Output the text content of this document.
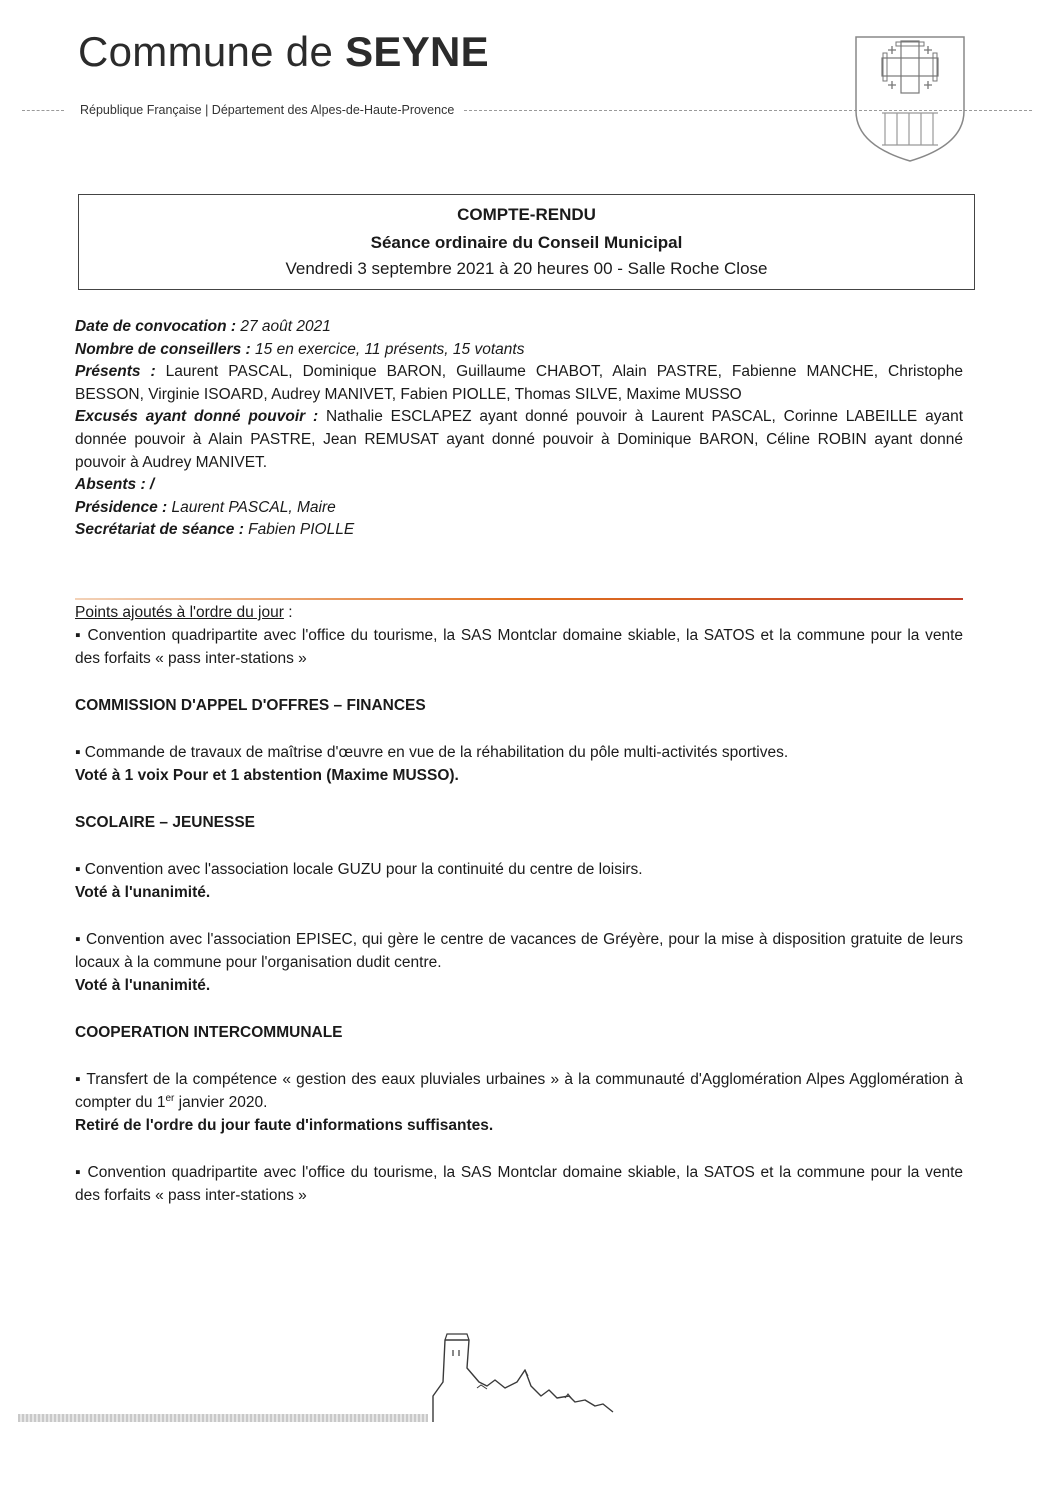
Commune de SEYNE
République Française | Département des Alpes-de-Haute-Provence
COMPTE-RENDU
Séance ordinaire du Conseil Municipal
Vendredi 3 septembre 2021 à 20 heures 00 - Salle Roche Close
Date de convocation : 27 août 2021
Nombre de conseillers : 15 en exercice, 11 présents, 15 votants
Présents : Laurent PASCAL, Dominique BARON, Guillaume CHABOT, Alain PASTRE, Fabienne MANCHE, Christophe BESSON, Virginie ISOARD, Audrey MANIVET, Fabien PIOLLE, Thomas SILVE, Maxime MUSSO
Excusés ayant donné pouvoir : Nathalie ESCLAPEZ ayant donné pouvoir à Laurent PASCAL, Corinne LABEILLE ayant donnée pouvoir à Alain PASTRE, Jean REMUSAT ayant donné pouvoir à Dominique BARON, Céline ROBIN ayant donné pouvoir à Audrey MANIVET.
Absents : /
Présidence : Laurent PASCAL, Maire
Secrétariat de séance : Fabien PIOLLE

Points ajoutés à l'ordre du jour :

▪ Convention quadripartite avec l'office du tourisme, la SAS Montclar domaine skiable, la SATOS et la commune pour la vente des forfaits « pass inter-stations »

COMMISSION D'APPEL D'OFFRES – FINANCES

▪ Commande de travaux de maîtrise d'œuvre en vue de la réhabilitation du pôle multi-activités sportives.

Voté à 1 voix Pour et 1 abstention (Maxime MUSSO).

SCOLAIRE – JEUNESSE

▪ Convention avec l'association locale GUZU pour la continuité du centre de loisirs.

Voté à l'unanimité.

▪ Convention avec l'association EPISEC, qui gère le centre de vacances de Gréyère, pour la mise à disposition gratuite de leurs locaux à la commune pour l'organisation dudit centre.

Voté à l'unanimité.

COOPERATION INTERCOMMUNALE

▪ Transfert de la compétence « gestion des eaux pluviales urbaines » à la communauté d'Agglomération Alpes Agglomération à compter du 1er janvier 2020.

Retiré de l'ordre du jour faute d'informations suffisantes.

▪ Convention quadripartite avec l'office du tourisme, la SAS Montclar domaine skiable, la SATOS et la commune pour la vente des forfaits « pass inter-stations »
